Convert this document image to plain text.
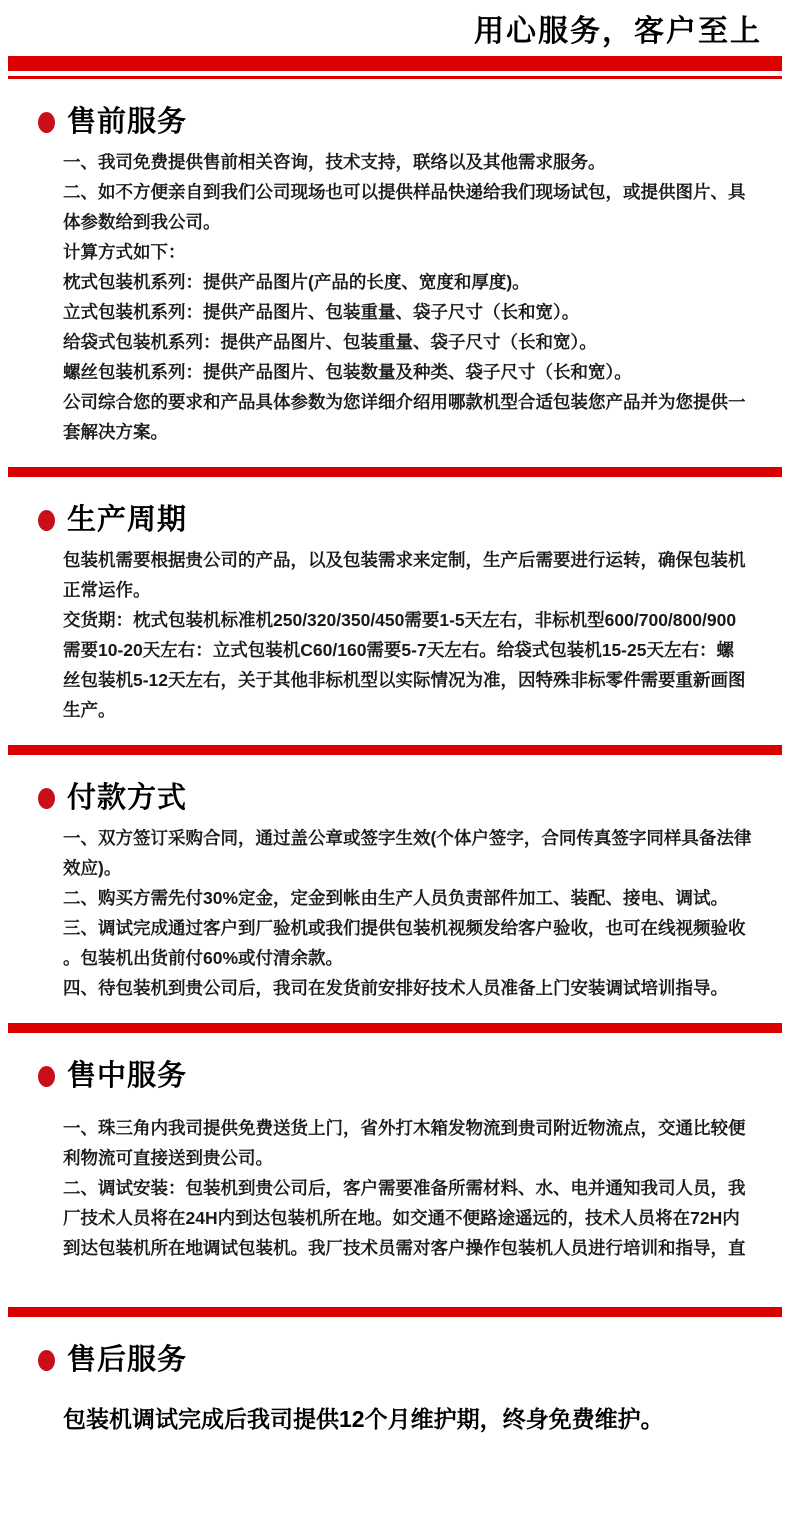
用心服务，客户至上
售前服务

一、我司免费提供售前相关咨询，技术支持，联络以及其他需求服务。

二、如不方便亲自到我们公司现场也可以提供样品快递给我们现场试包，或提供图片、具

体参数给到我公司。

计算方式如下：

枕式包装机系列：提供产品图片(产品的长度、宽度和厚度)。

立式包装机系列：提供产品图片、包装重量、袋子尺寸（长和宽）。

给袋式包装机系列：提供产品图片、包装重量、袋子尺寸（长和宽）。

螺丝包装机系列：提供产品图片、包装数量及种类、袋子尺寸（长和宽）。

公司综合您的要求和产品具体参数为您详细介绍用哪款机型合适包装您产品并为您提供一

套解决方案。

生产周期

包装机需要根据贵公司的产品，以及包装需求来定制，生产后需要进行运转，确保包装机

正常运作。

交货期：枕式包装机标准机250/320/350/450需要1-5天左右，非标机型600/700/800/900

需要10-20天左右：立式包装机C60/160需要5-7天左右。给袋式包装机15-25天左右：螺

丝包装机5-12天左右，关于其他非标机型以实际情况为准，因特殊非标零件需要重新画图

生产。

付款方式

一、双方签订采购合同，通过盖公章或签字生效(个体户签字，合同传真签字同样具备法律

效应)。

二、购买方需先付30%定金，定金到帐由生产人员负责部件加工、装配、接电、调试。

三、调试完成通过客户到厂验机或我们提供包装机视频发给客户验收，也可在线视频验收

。包装机出货前付60%或付清余款。

四、待包装机到贵公司后，我司在发货前安排好技术人员准备上门安装调试培训指导。

售中服务

一、珠三角内我司提供免费送货上门，省外打木箱发物流到贵司附近物流点，交通比较便

利物流可直接送到贵公司。

二、调试安装：包装机到贵公司后，客户需要准备所需材料、水、电并通知我司人员，我

厂技术人员将在24H内到达包装机所在地。如交通不便路途遥远的，技术人员将在72H内

到达包装机所在地调试包装机。我厂技术员需对客户操作包装机人员进行培训和指导，直

售后服务

包装机调试完成后我司提供12个月维护期，终身免费维护。
